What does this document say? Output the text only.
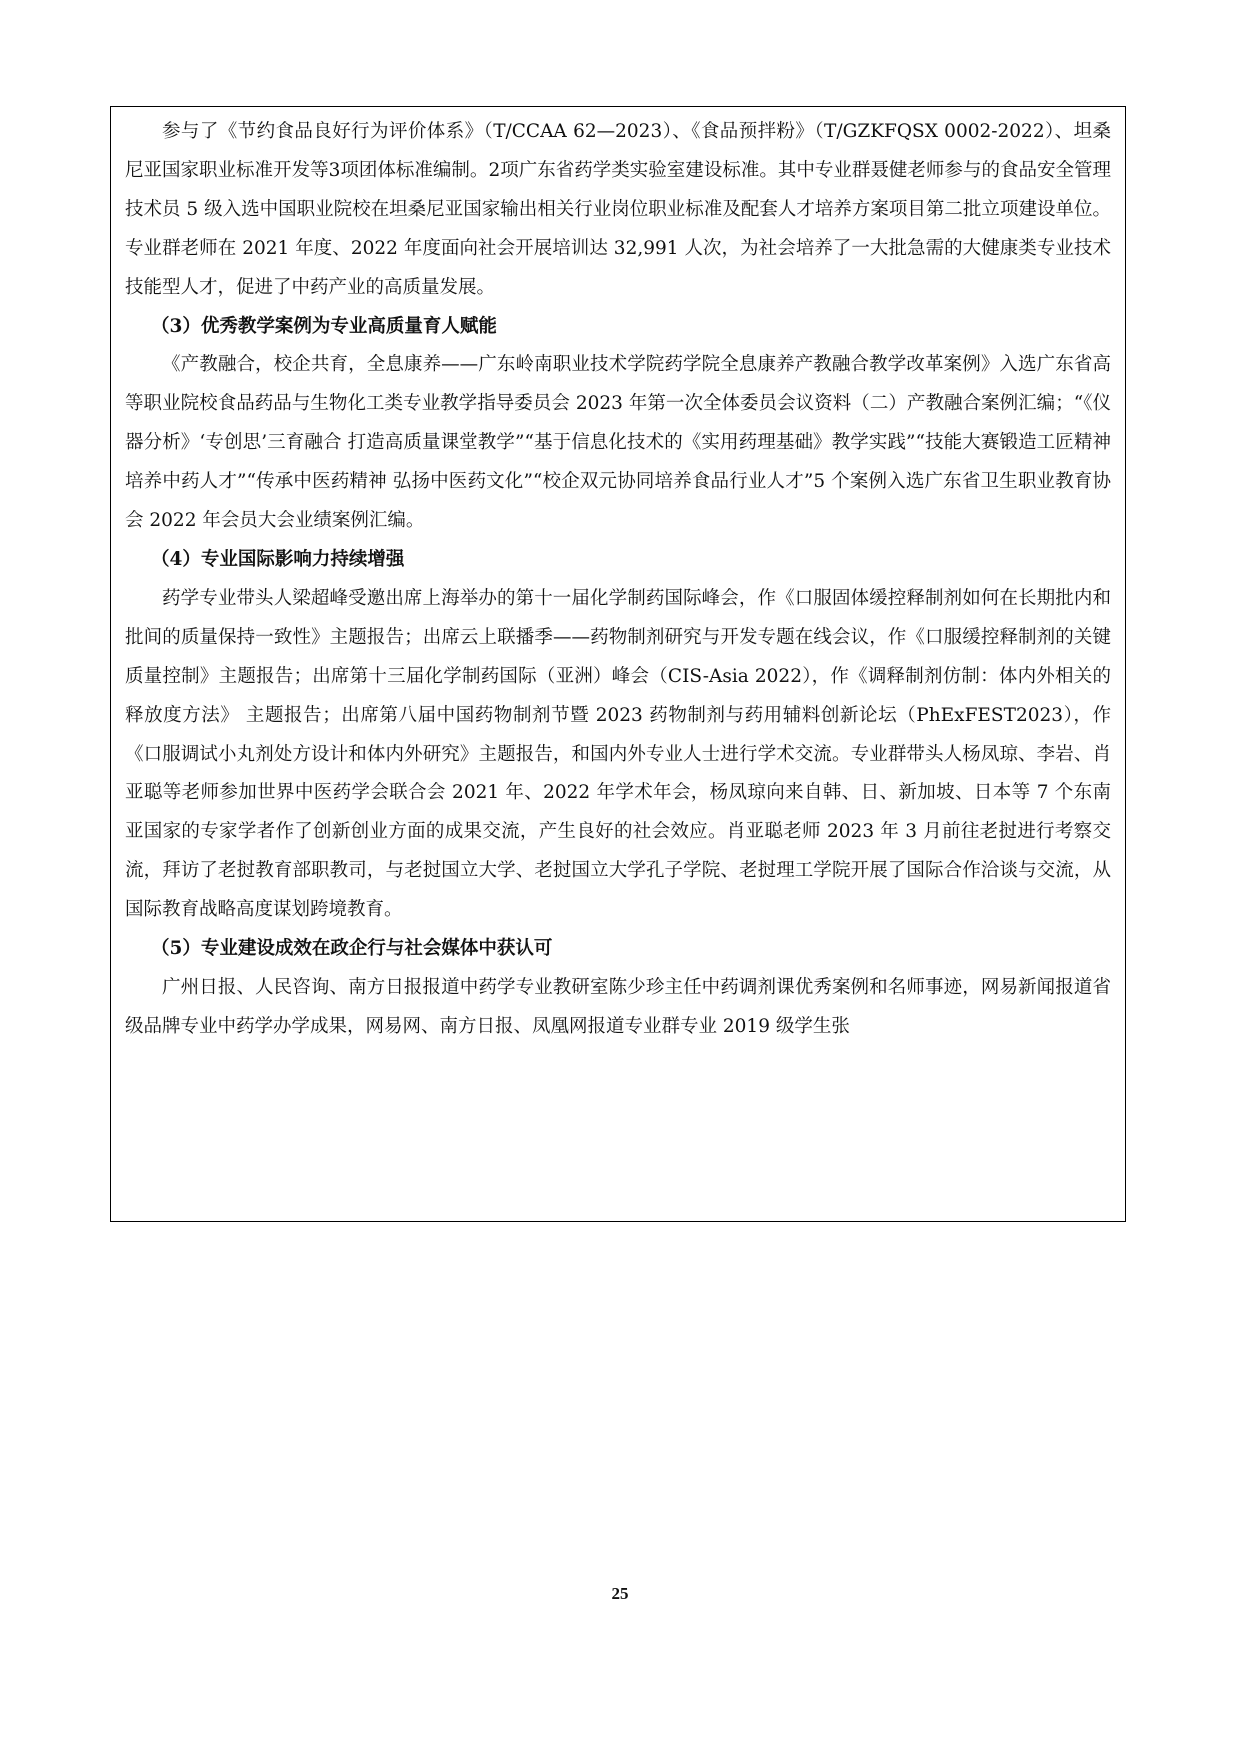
参与了《节约食品良好行为评价体系》（T/CCAA 62—2023）、《食品预拌粉》（T/GZKFQSX 0002-2022）、坦桑尼亚国家职业标准开发等3项团体标准编制。2项广东省药学类实验室建设标准。其中专业群聂健老师参与的食品安全管理技术员 5 级入选中国职业院校在坦桑尼亚国家输出相关行业岗位职业标准及配套人才培养方案项目第二批立项建设单位。专业群老师在 2021 年度、2022 年度面向社会开展培训达 32,991 人次，为社会培养了一大批急需的大健康类专业技术技能型人才，促进了中药产业的高质量发展。

（3）优秀教学案例为专业高质量育人赋能

《产教融合，校企共育，全息康养——广东岭南职业技术学院药学院全息康养产教融合教学改革案例》入选广东省高等职业院校食品药品与生物化工类专业教学指导委员会 2023 年第一次全体委员会议资料（二）产教融合案例汇编；“《仪器分析》‘专创思’三育融合 打造高质量课堂教学”“基于信息化技术的《实用药理基础》教学实践”“技能大赛锻造工匠精神 培养中药人才”“传承中医药精神 弘扬中医药文化”“校企双元协同培养食品行业人才”5 个案例入选广东省卫生职业教育协会 2022 年会员大会业绩案例汇编。

（4）专业国际影响力持续增强

药学专业带头人梁超峰受邀出席上海举办的第十一届化学制药国际峰会，作《口服固体缓控释制剂如何在长期批内和批间的质量保持一致性》主题报告；出席云上联播季——药物制剂研究与开发专题在线会议，作《口服缓控释制剂的关键质量控制》主题报告；出席第十三届化学制药国际（亚洲）峰会（CIS-Asia 2022），作《调释制剂仿制：体内外相关的释放度方法》 主题报告；出席第八届中国药物制剂节暨 2023 药物制剂与药用辅料创新论坛（PhExFEST2023），作《口服调试小丸剂处方设计和体内外研究》主题报告，和国内外专业人士进行学术交流。专业群带头人杨凤琼、李岩、肖亚聪等老师参加世界中医药学会联合会 2021 年、2022 年学术年会，杨凤琼向来自韩、日、新加坡、日本等 7 个东南亚国家的专家学者作了创新创业方面的成果交流，产生良好的社会效应。肖亚聪老师 2023 年 3 月前往老挝进行考察交流，拜访了老挝教育部职教司，与老挝国立大学、老挝国立大学孔子学院、老挝理工学院开展了国际合作洽谈与交流，从国际教育战略高度谋划跨境教育。

（5）专业建设成效在政企行与社会媒体中获认可

广州日报、人民咨询、南方日报报道中药学专业教研室陈少珍主任中药调剂课优秀案例和名师事迹，网易新闻报道省级品牌专业中药学办学成果，网易网、南方日报、凤凰网报道专业群专业 2019 级学生张

25
